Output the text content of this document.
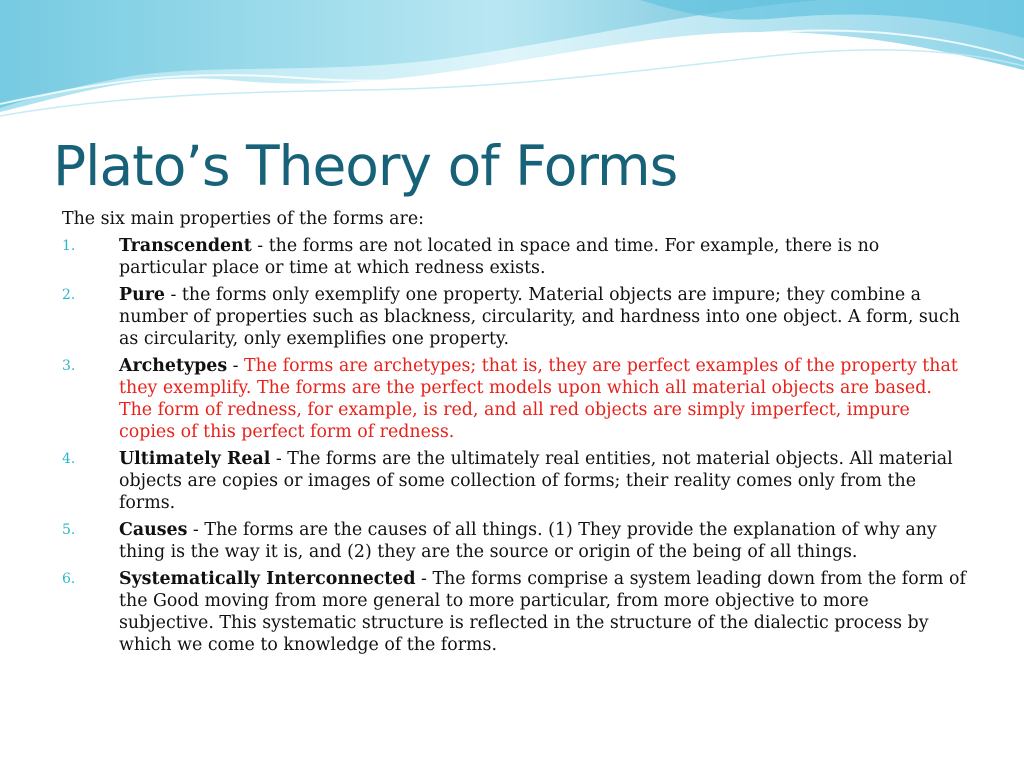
Plato’s Theory of Forms

The six main properties of the forms are:

1.	Transcendent - the forms are not located in space and time. For example, there is no particular place or time at which redness exists.
2.	Pure - the forms only exemplify one property. Material objects are impure; they combine a number of properties such as blackness, circularity, and hardness into one object. A form, such as circularity, only exemplifies one property.
3.	Archetypes - The forms are archetypes; that is, they are perfect examples of the property that they exemplify. The forms are the perfect models upon which all material objects are based. The form of redness, for example, is red, and all red objects are simply imperfect, impure copies of this perfect form of redness.
4.	Ultimately Real - The forms are the ultimately real entities, not material objects. All material objects are copies or images of some collection of forms; their reality comes only from the forms.
5.	Causes - The forms are the causes of all things. (1) They provide the explanation of why any thing is the way it is, and (2) they are the source or origin of the being of all things.
6.	Systematically Interconnected - The forms comprise a system leading down from the form of the Good moving from more general to more particular, from more objective to more subjective. This systematic structure is reflected in the structure of the dialectic process by which we come to knowledge of the forms.
